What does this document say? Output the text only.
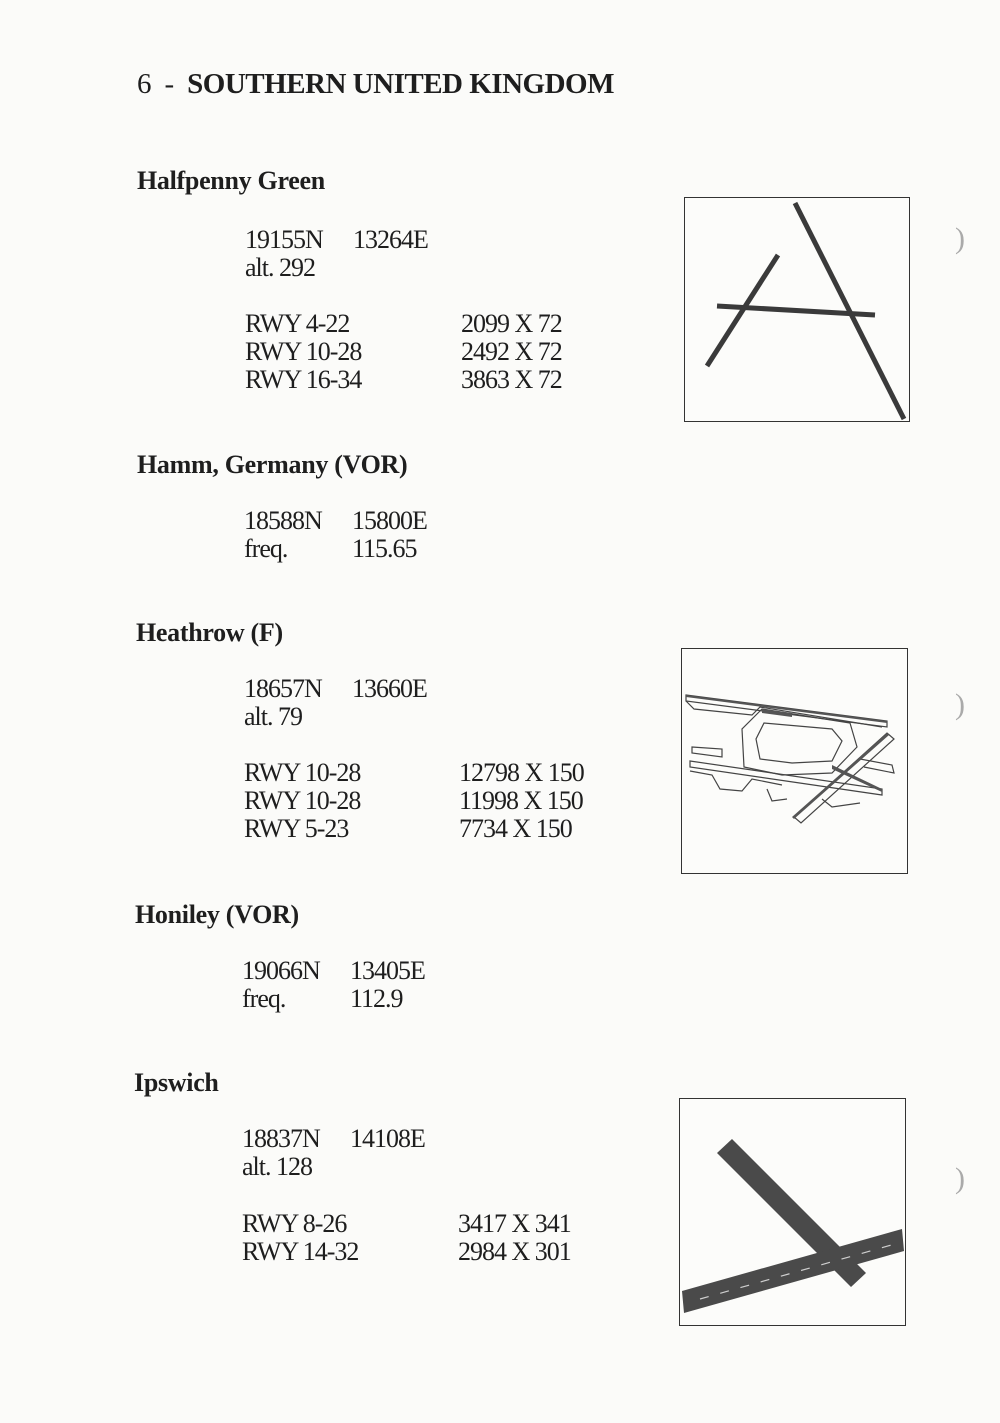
6  -  SOUTHERN UNITED KINGDOM
Halfpenny Green
19155N 13264E
alt. 292
RWY 4-22	2099 X 72
RWY 10-28	2492 X 72
RWY 16-34	3863 X 72
Hamm, Germany (VOR)
18588N 15800E
freq. 115.65
Heathrow (F)
18657N 13660E
alt. 79
RWY 10-28	12798 X 150
RWY 10-28	11998 X 150
RWY 5-23	7734 X 150
Honiley (VOR)
19066N 13405E
freq. 112.9
Ipswich
18837N 14108E
alt. 128
RWY 8-26	3417 X 341
RWY 14-32	2984 X 301
)
)
)
